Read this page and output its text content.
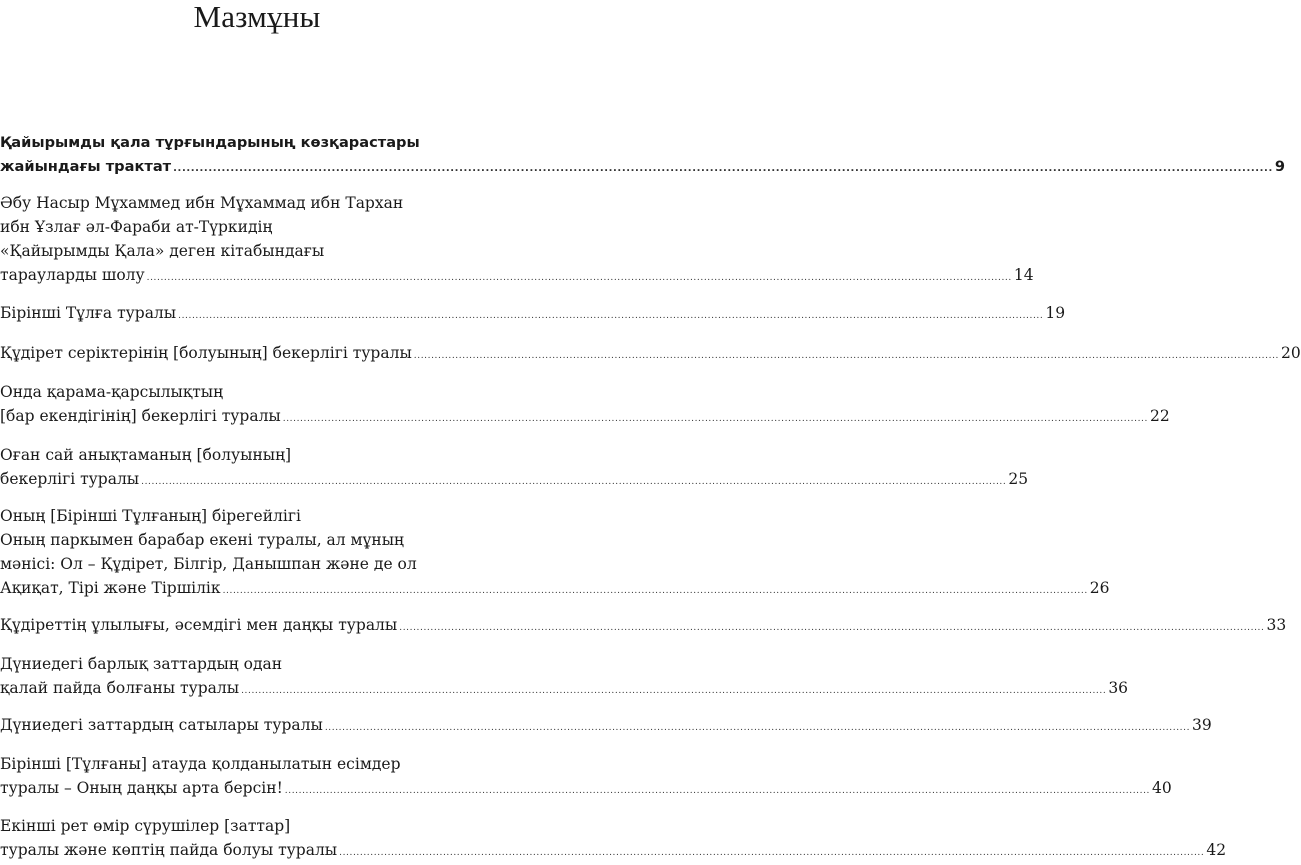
Мазмұны
Қайырымды қала тұрғындарының көзқарастары
жайындағы трактат .......................................................................................................................................................................................................................................................... 9
Әбу Насыр Мұхаммед ибн Мұхаммад ибн Тархан
ибн Ұзлағ әл-Фараби ат-Түркидің
«Қайырымды Қала» деген кітабындағы
тарауларды шолу .......................................................................................................................................................................................................................................................... 14
Бірінші Тұлға туралы .......................................................................................................................................................................................................................................................... 19
Құдірет серіктерінің [болуының] бекерлігі туралы .......................................................................................................................................................................................................................................................... 20
Онда қарама-қарсылықтың
[бар екендігінің] бекерлігі туралы .......................................................................................................................................................................................................................................................... 22
Оған сай анықтаманың [болуының]
бекерлігі туралы .......................................................................................................................................................................................................................................................... 25
Оның [Бірінші Тұлғаның] бірегейлігі
Оның паркымен барабар екені туралы, ал мұның
мәнісі: Ол – Құдірет, Білгір, Данышпан және де ол
Ақиқат, Тірі және Тіршілік .......................................................................................................................................................................................................................................................... 26
Құдіреттің ұлылығы, әсемдігі мен даңқы туралы .......................................................................................................................................................................................................................................................... 33
Дүниедегі барлық заттардың одан
қалай пайда болғаны туралы .......................................................................................................................................................................................................................................................... 36
Дүниедегі заттардың сатылары туралы .......................................................................................................................................................................................................................................................... 39
Бірінші [Тұлғаны] атауда қолданылатын есімдер
туралы – Оның даңқы арта берсін! .......................................................................................................................................................................................................................................................... 40
Екінші рет өмір сүрушілер [заттар]
туралы және көптің пайда болуы туралы .......................................................................................................................................................................................................................................................... 42
